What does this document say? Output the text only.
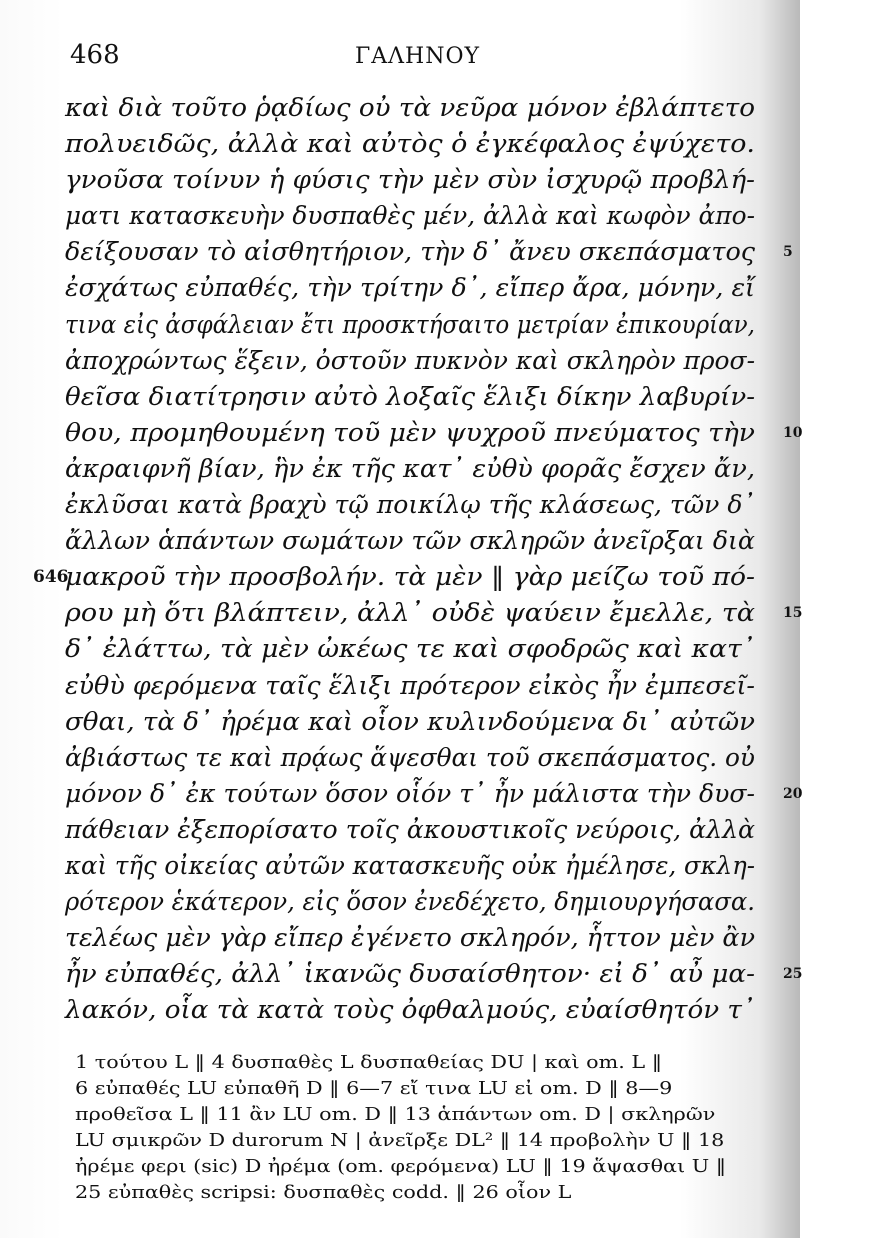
468	ΓΑΛΗΝΟΥ
καὶ διὰ τοῦτο ῥᾳδίως οὐ τὰ νεῦρα μόνον ἐβλάπτετο
πολυειδῶς, ἀλλὰ καὶ αὐτὸς ὁ ἐγκέφαλος ἐψύχετο.
γνοῦσα τοίνυν ἡ φύσις τὴν μὲν σὺν ἰσχυρῷ προβλή-
ματι κατασκευὴν δυσπαθὲς μέν, ἀλλὰ καὶ κωφὸν ἀπο-
δείξουσαν τὸ αἰσθητήριον, τὴν δ᾿ ἄνευ σκεπάσματος 5
ἐσχάτως εὐπαθές, τὴν τρίτην δ᾿, εἴπερ ἄρα, μόνην, εἴ
τινα εἰς ἀσφάλειαν ἔτι προσκτήσαιτο μετρίαν ἐπικουρίαν,
ἀποχρώντως ἕξειν, ὀστοῦν πυκνὸν καὶ σκληρὸν προσ-
θεῖσα διατίτρησιν αὐτὸ λοξαῖς ἕλιξι δίκην λαβυρίν-
θου, προμηθουμένη τοῦ μὲν ψυχροῦ πνεύματος τὴν 10
ἀκραιφνῆ βίαν, ἣν ἐκ τῆς κατ᾿ εὐθὺ φορᾶς ἔσχεν ἄν,
ἐκλῦσαι κατὰ βραχὺ τῷ ποικίλῳ τῆς κλάσεως, τῶν δ᾿
ἄλλων ἁπάντων σωμάτων τῶν σκληρῶν ἀνεῖρξαι διὰ
μακροῦ τὴν προσβολήν. τὰ μὲν ‖ γὰρ μείζω τοῦ πό-
646
ρου μὴ ὅτι βλάπτειν, ἀλλ᾿ οὐδὲ ψαύειν ἔμελλε, τὰ 15
δ᾿ ἐλάττω, τὰ μὲν ὠκέως τε καὶ σφοδρῶς καὶ κατ᾿
εὐθὺ φερόμενα ταῖς ἕλιξι πρότερον εἰκὸς ἦν ἐμπεσεῖ-
σθαι, τὰ δ᾿ ἠρέμα καὶ οἷον κυλινδούμενα δι᾿ αὐτῶν
ἀβιάστως τε καὶ πρᾴως ἅψεσθαι τοῦ σκεπάσματος. οὐ
μόνον δ᾿ ἐκ τούτων ὅσον οἷόν τ᾿ ἦν μάλιστα τὴν δυσ- 20
πάθειαν ἐξεπορίσατο τοῖς ἀκουστικοῖς νεύροις, ἀλλὰ
καὶ τῆς οἰκείας αὐτῶν κατασκευῆς οὐκ ἠμέλησε, σκλη-
ρότερον ἑκάτερον, εἰς ὅσον ἐνεδέχετο, δημιουργήσασα.
τελέως μὲν γὰρ εἴπερ ἐγένετο σκληρόν, ἧττον μὲν ἂν
ἦν εὐπαθές, ἀλλ᾿ ἱκανῶς δυσαίσθητον· εἰ δ᾿ αὖ μα- 25
λακόν, οἷα τὰ κατὰ τοὺς ὀφθαλμούς, εὐαίσθητόν τ᾿
1 τούτου L ‖ 4 δυσπαθὲς L δυσπαθείας DU | καὶ om. L ‖
6 εὐπαθές LU εὐπαθῆ D ‖ 6—7 εἴ τινα LU εἰ om. D ‖ 8—9
προθεῖσα L ‖ 11 ἂν LU om. D ‖ 13 ἁπάντων om. D | σκληρῶν
LU σμικρῶν D durorum N | ἀνεῖρξε DL² ‖ 14 προβολὴν U ‖ 18
ἠρέμε φερι (sic) D ἠρέμα (om. φερόμενα) LU ‖ 19 ἅψασθαι U ‖
25 εὐπαθὲς scripsi: δυσπαθὲς codd. ‖ 26 οἷον L
